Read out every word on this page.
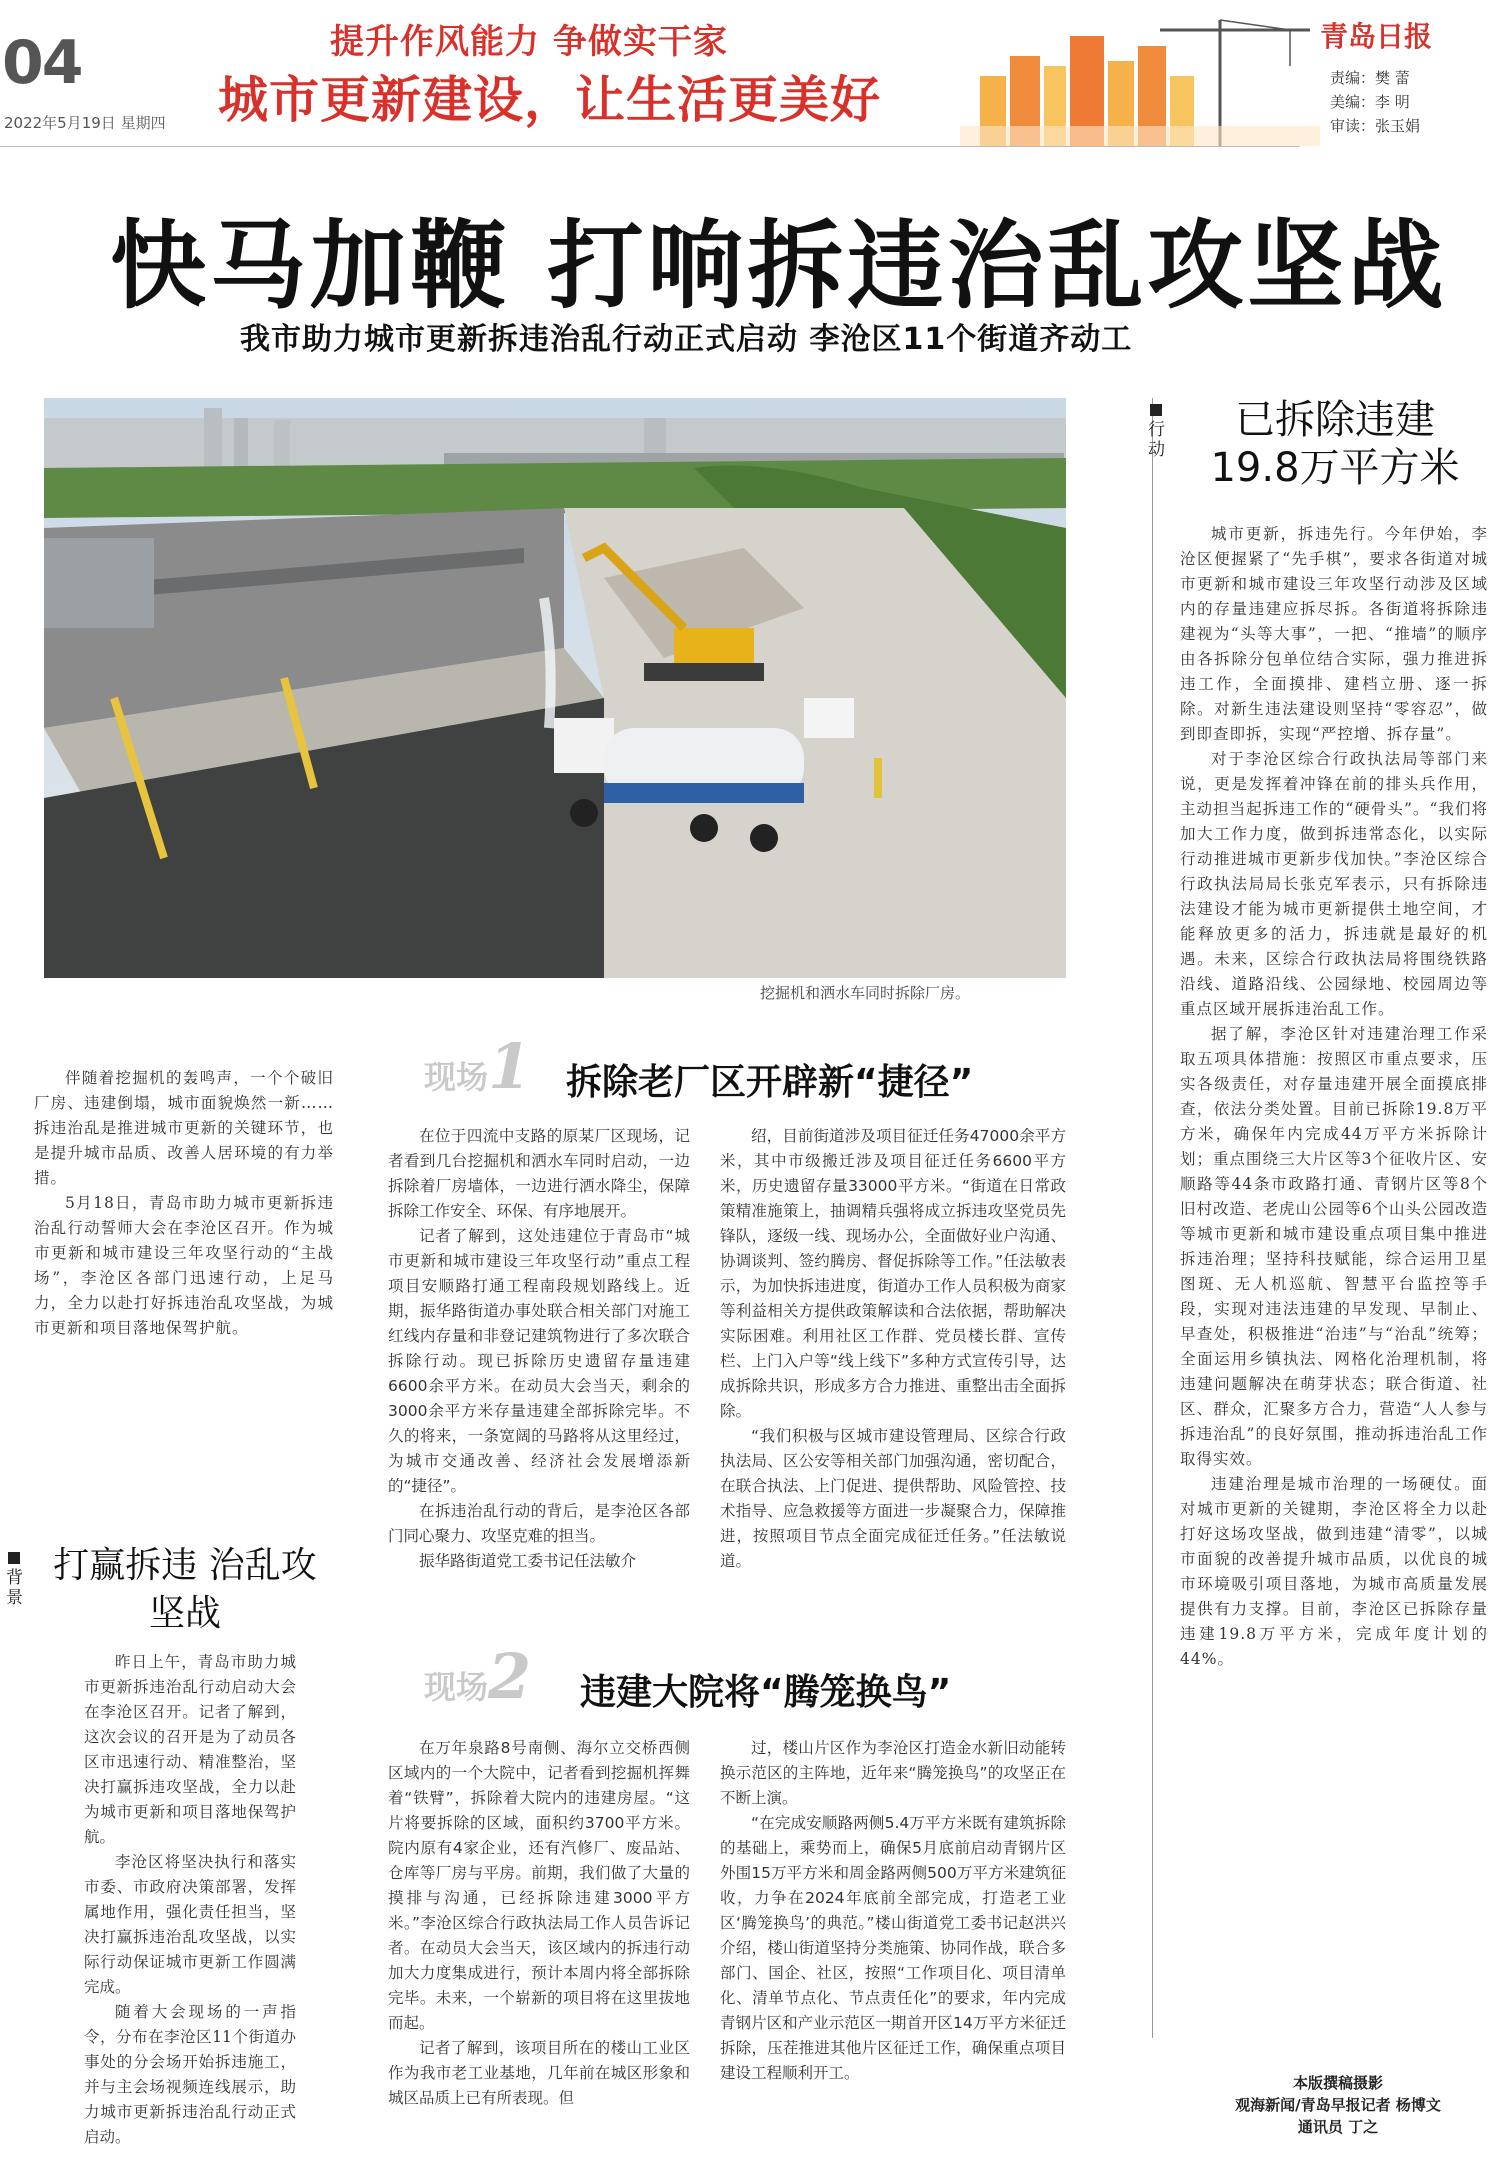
04
2022年5月19日 星期四
提升作风能力 争做实干家
城市更新建设，让生活更美好
青岛日报
责编：樊 蕾
美编：李 明
审读：张玉娟
快马加鞭 打响拆违治乱攻坚战
我市助力城市更新拆违治乱行动正式启动 李沧区11个街道齐动工
挖掘机和洒水车同时拆除厂房。

伴随着挖掘机的轰鸣声，一个个破旧厂房、违建倒塌，城市面貌焕然一新……拆违治乱是推进城市更新的关键环节，也是提升城市品质、改善人居环境的有力举措。

5月18日，青岛市助力城市更新拆违治乱行动誓师大会在李沧区召开。作为城市更新和城市建设三年攻坚行动的“主战场”，李沧区各部门迅速行动，上足马力，全力以赴打好拆违治乱攻坚战，为城市更新和项目落地保驾护航。

背景
打赢拆违 治乱攻坚战

昨日上午，青岛市助力城市更新拆违治乱行动启动大会在李沧区召开。记者了解到，这次会议的召开是为了动员各区市迅速行动、精准整治，坚决打赢拆违攻坚战，全力以赴为城市更新和项目落地保驾护航。

李沧区将坚决执行和落实市委、市政府决策部署，发挥属地作用，强化责任担当，坚决打赢拆违治乱攻坚战，以实际行动保证城市更新工作圆满完成。

随着大会现场的一声指令，分布在李沧区11个街道办事处的分会场开始拆违施工，并与主会场视频连线展示，助力城市更新拆违治乱行动正式启动。

现场1 拆除老厂区开辟新“捷径”

在位于四流中支路的原某厂区现场，记者看到几台挖掘机和洒水车同时启动，一边拆除着厂房墙体，一边进行洒水降尘，保障拆除工作安全、环保、有序地展开。

记者了解到，这处违建位于青岛市“城市更新和城市建设三年攻坚行动”重点工程项目安顺路打通工程南段规划路线上。近期，振华路街道办事处联合相关部门对施工红线内存量和非登记建筑物进行了多次联合拆除行动。现已拆除历史遗留存量违建6600余平方米。在动员大会当天，剩余的3000余平方米存量违建全部拆除完毕。不久的将来，一条宽阔的马路将从这里经过，为城市交通改善、经济社会发展增添新的“捷径”。

在拆违治乱行动的背后，是李沧区各部门同心聚力、攻坚克难的担当。

振华路街道党工委书记任法敏介

绍，目前街道涉及项目征迁任务47000余平方米，其中市级搬迁涉及项目征迁任务6600平方米，历史遗留存量33000平方米。“街道在日常政策精准施策上，抽调精兵强将成立拆违攻坚党员先锋队，逐级一线、现场办公，全面做好业户沟通、协调谈判、签约腾房、督促拆除等工作。”任法敏表示，为加快拆违进度，街道办工作人员积极为商家等利益相关方提供政策解读和合法依据，帮助解决实际困难。利用社区工作群、党员楼长群、宣传栏、上门入户等“线上线下”多种方式宣传引导，达成拆除共识，形成多方合力推进、重整出击全面拆除。

“我们积极与区城市建设管理局、区综合行政执法局、区公安等相关部门加强沟通，密切配合，在联合执法、上门促进、提供帮助、风险管控、技术指导、应急救援等方面进一步凝聚合力，保障推进，按照项目节点全面完成征迁任务。”任法敏说道。

现场2 违建大院将“腾笼换鸟”

在万年泉路8号南侧、海尔立交桥西侧区域内的一个大院中，记者看到挖掘机挥舞着“铁臂”，拆除着大院内的违建房屋。“这片将要拆除的区域，面积约3700平方米。院内原有4家企业，还有汽修厂、废品站、仓库等厂房与平房。前期，我们做了大量的摸排与沟通，已经拆除违建3000平方米。”李沧区综合行政执法局工作人员告诉记者。在动员大会当天，该区域内的拆违行动加大力度集成进行，预计本周内将全部拆除完毕。未来，一个崭新的项目将在这里拔地而起。

记者了解到，该项目所在的楼山工业区作为我市老工业基地，几年前在城区形象和城区品质上已有所表现。但

过，楼山片区作为李沧区打造金水新旧动能转换示范区的主阵地，近年来“腾笼换鸟”的攻坚正在不断上演。

“在完成安顺路两侧5.4万平方米既有建筑拆除的基础上，乘势而上，确保5月底前启动青钢片区外围15万平方米和周金路两侧500万平方米建筑征收，力争在2024年底前全部完成，打造老工业区‘腾笼换鸟’的典范。”楼山街道党工委书记赵洪兴介绍，楼山街道坚持分类施策、协同作战，联合多部门、国企、社区，按照“工作项目化、项目清单化、清单节点化、节点责任化”的要求，年内完成青钢片区和产业示范区一期首开区14万平方米征迁拆除，压茬推进其他片区征迁工作，确保重点项目建设工程顺利开工。

行动
已拆除违建 19.8万平方米

城市更新，拆违先行。今年伊始，李沧区便握紧了“先手棋”，要求各街道对城市更新和城市建设三年攻坚行动涉及区域内的存量违建应拆尽拆。各街道将拆除违建视为“头等大事”，一把、“推墙”的顺序由各拆除分包单位结合实际，强力推进拆违工作，全面摸排、建档立册、逐一拆除。对新生违法建设则坚持“零容忍”，做到即查即拆，实现“严控增、拆存量”。

对于李沧区综合行政执法局等部门来说，更是发挥着冲锋在前的排头兵作用，主动担当起拆违工作的“硬骨头”。“我们将加大工作力度，做到拆违常态化，以实际行动推进城市更新步伐加快。”李沧区综合行政执法局局长张克军表示，只有拆除违法建设才能为城市更新提供土地空间，才能释放更多的活力，拆违就是最好的机遇。未来，区综合行政执法局将围绕铁路沿线、道路沿线、公园绿地、校园周边等重点区域开展拆违治乱工作。

据了解，李沧区针对违建治理工作采取五项具体措施：按照区市重点要求，压实各级责任，对存量违建开展全面摸底排查，依法分类处置。目前已拆除19.8万平方米，确保年内完成44万平方米拆除计划；重点围绕三大片区等3个征收片区、安顺路等44条市政路打通、青钢片区等8个旧村改造、老虎山公园等6个山头公园改造等城市更新和城市建设重点项目集中推进拆违治理；坚持科技赋能，综合运用卫星图斑、无人机巡航、智慧平台监控等手段，实现对违法违建的早发现、早制止、早查处，积极推进“治违”与“治乱”统筹；全面运用乡镇执法、网格化治理机制，将违建问题解决在萌芽状态；联合街道、社区、群众，汇聚多方合力，营造“人人参与拆违治乱”的良好氛围，推动拆违治乱工作取得实效。

违建治理是城市治理的一场硬仗。面对城市更新的关键期，李沧区将全力以赴打好这场攻坚战，做到违建“清零”，以城市面貌的改善提升城市品质，以优良的城市环境吸引项目落地，为城市高质量发展提供有力支撑。目前，李沧区已拆除存量违建19.8万平方米，完成年度计划的44%。

本版撰稿摄影
观海新闻/青岛早报记者 杨博文
通讯员 丁之
